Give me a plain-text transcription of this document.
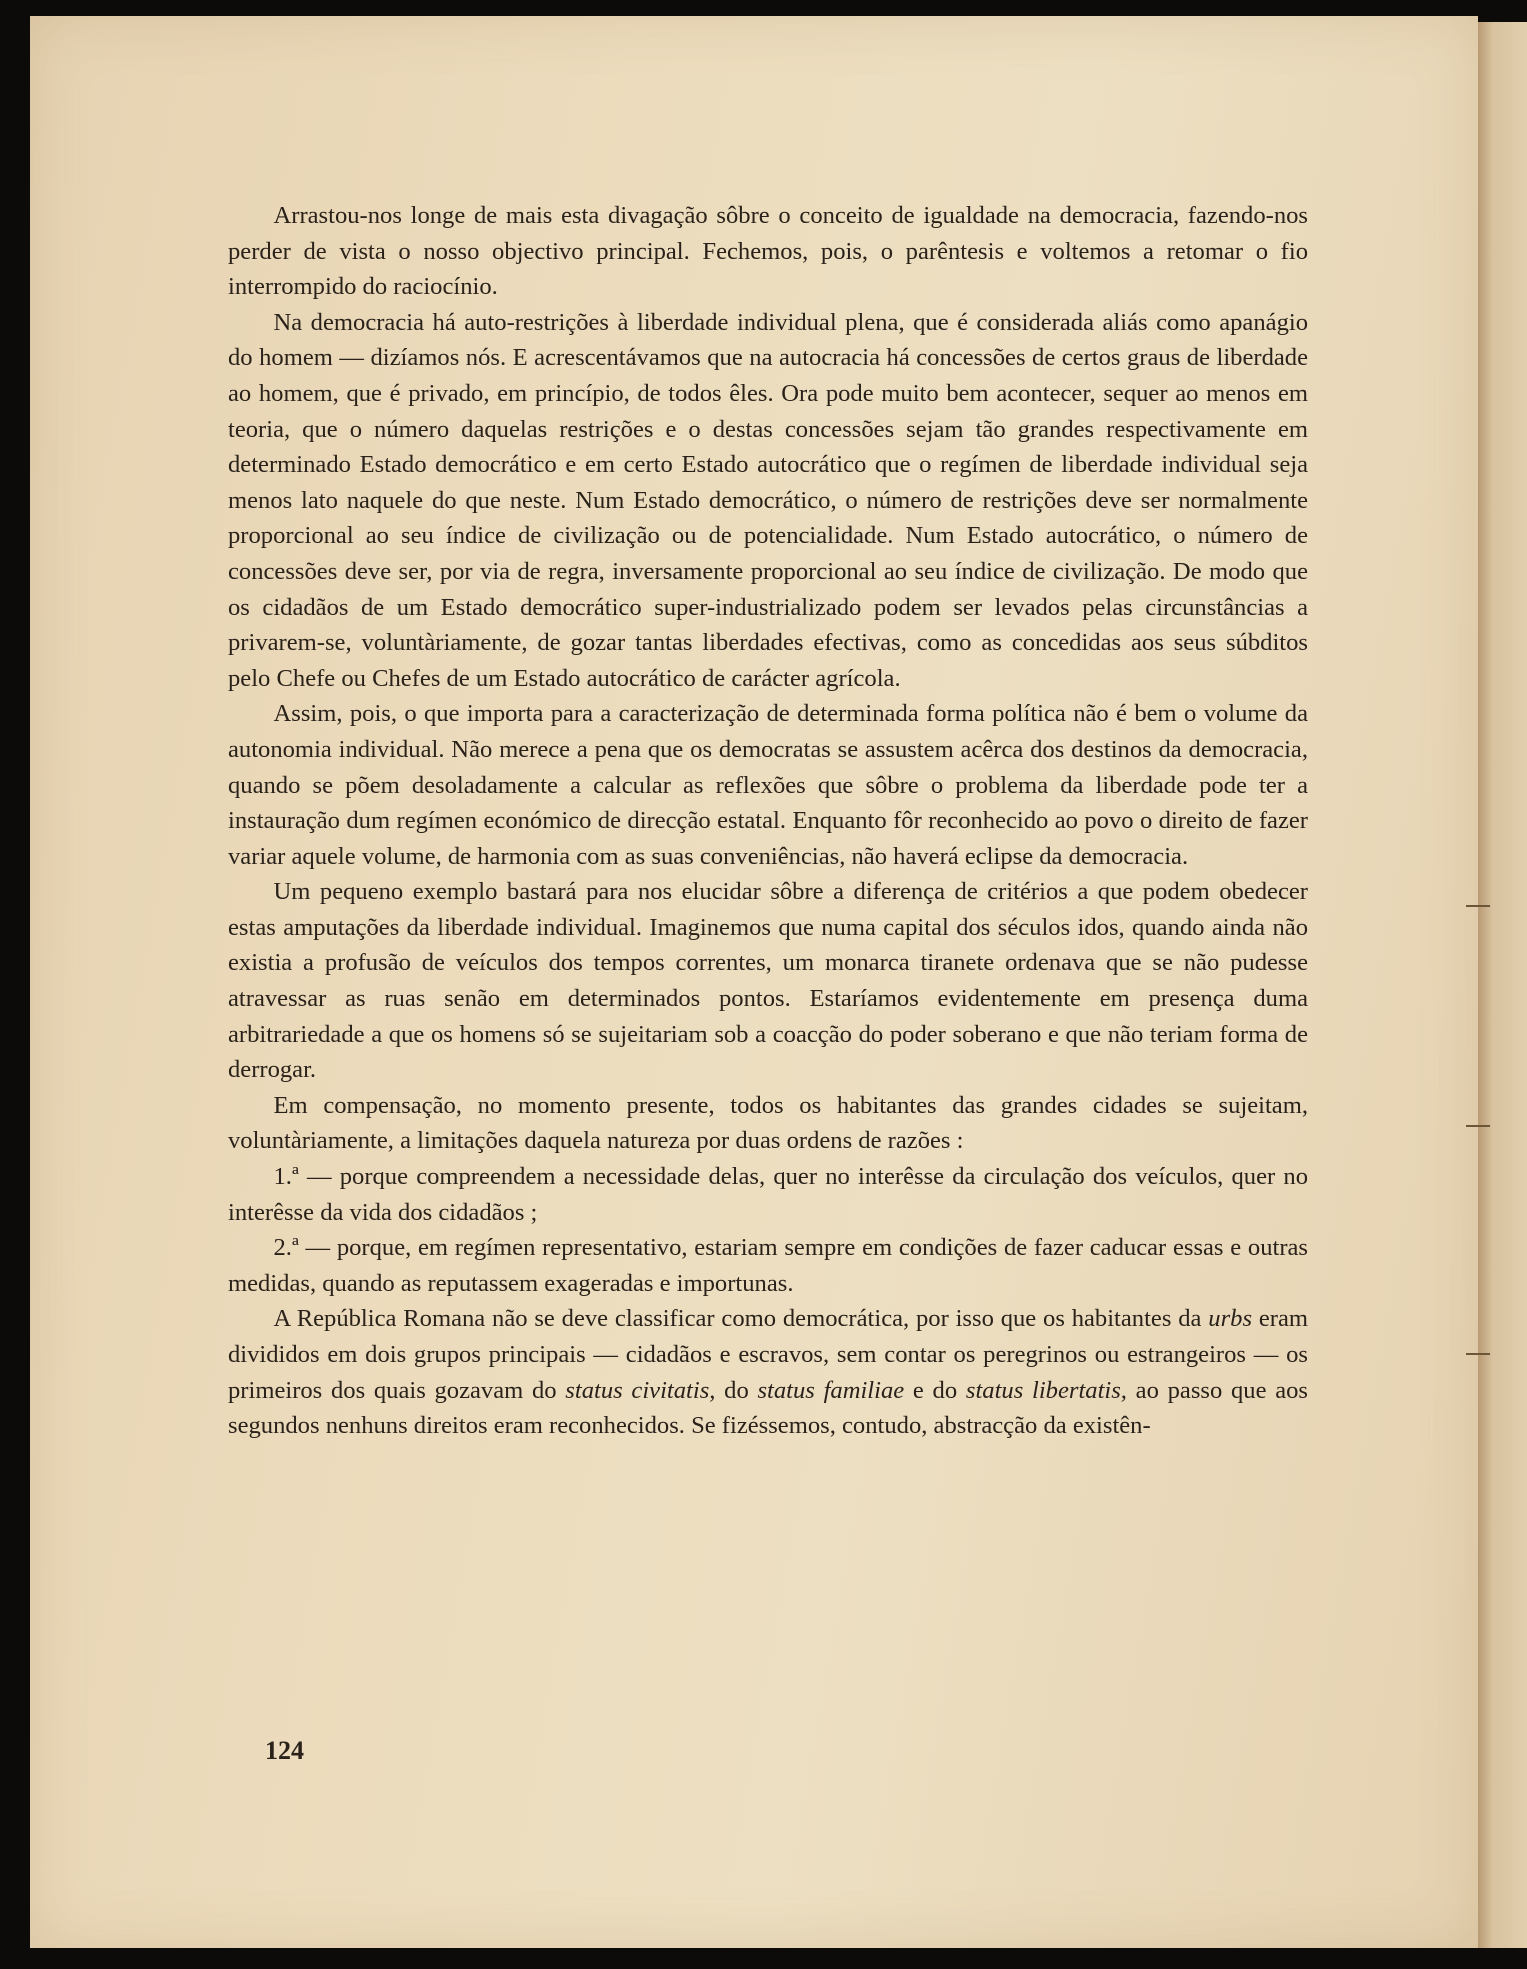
Arrastou-nos longe de mais esta divagação sôbre o conceito de igualdade na democracia, fazendo-nos perder de vista o nosso objectivo principal. Fechemos, pois, o parêntesis e voltemos a retomar o fio interrompido do raciocínio.

Na democracia há auto-restrições à liberdade individual plena, que é considerada aliás como apanágio do homem — dizíamos nós. E acrescentávamos que na autocracia há concessões de certos graus de liberdade ao homem, que é privado, em princípio, de todos êles. Ora pode muito bem acontecer, sequer ao menos em teoria, que o número daquelas restrições e o destas concessões sejam tão grandes respectivamente em determinado Estado democrático e em certo Estado autocrático que o regímen de liberdade individual seja menos lato naquele do que neste. Num Estado democrático, o número de restrições deve ser normalmente proporcional ao seu índice de civilização ou de potencialidade. Num Estado autocrático, o número de concessões deve ser, por via de regra, inversamente proporcional ao seu índice de civilização. De modo que os cidadãos de um Estado democrático super-industrializado podem ser levados pelas circunstâncias a privarem-se, voluntàriamente, de gozar tantas liberdades efectivas, como as concedidas aos seus súbditos pelo Chefe ou Chefes de um Estado autocrático de carácter agrícola.

Assim, pois, o que importa para a caracterização de determinada forma política não é bem o volume da autonomia individual. Não merece a pena que os democratas se assustem acêrca dos destinos da democracia, quando se põem desoladamente a calcular as reflexões que sôbre o problema da liberdade pode ter a instauração dum regímen económico de direcção estatal. Enquanto fôr reconhecido ao povo o direito de fazer variar aquele volume, de harmonia com as suas conveniências, não haverá eclipse da democracia.

Um pequeno exemplo bastará para nos elucidar sôbre a diferença de critérios a que podem obedecer estas amputações da liberdade individual. Imaginemos que numa capital dos séculos idos, quando ainda não existia a profusão de veículos dos tempos correntes, um monarca tiranete ordenava que se não pudesse atravessar as ruas senão em determinados pontos. Estaríamos evidentemente em presença duma arbitrariedade a que os homens só se sujeitariam sob a coacção do poder soberano e que não teriam forma de derrogar.

Em compensação, no momento presente, todos os habitantes das grandes cidades se sujeitam, voluntàriamente, a limitações daquela natureza por duas ordens de razões :

1.ª — porque compreendem a necessidade delas, quer no interêsse da circulação dos veículos, quer no interêsse da vida dos cidadãos ;

2.ª — porque, em regímen representativo, estariam sempre em condições de fazer caducar essas e outras medidas, quando as reputassem exageradas e importunas.

A República Romana não se deve classificar como democrática, por isso que os habitantes da urbs eram divididos em dois grupos principais — cidadãos e escravos, sem contar os peregrinos ou estrangeiros — os primeiros dos quais gozavam do status civitatis, do status familiae e do status libertatis, ao passo que aos segundos nenhuns direitos eram reconhecidos. Se fizéssemos, contudo, abstracção da existên-

124
